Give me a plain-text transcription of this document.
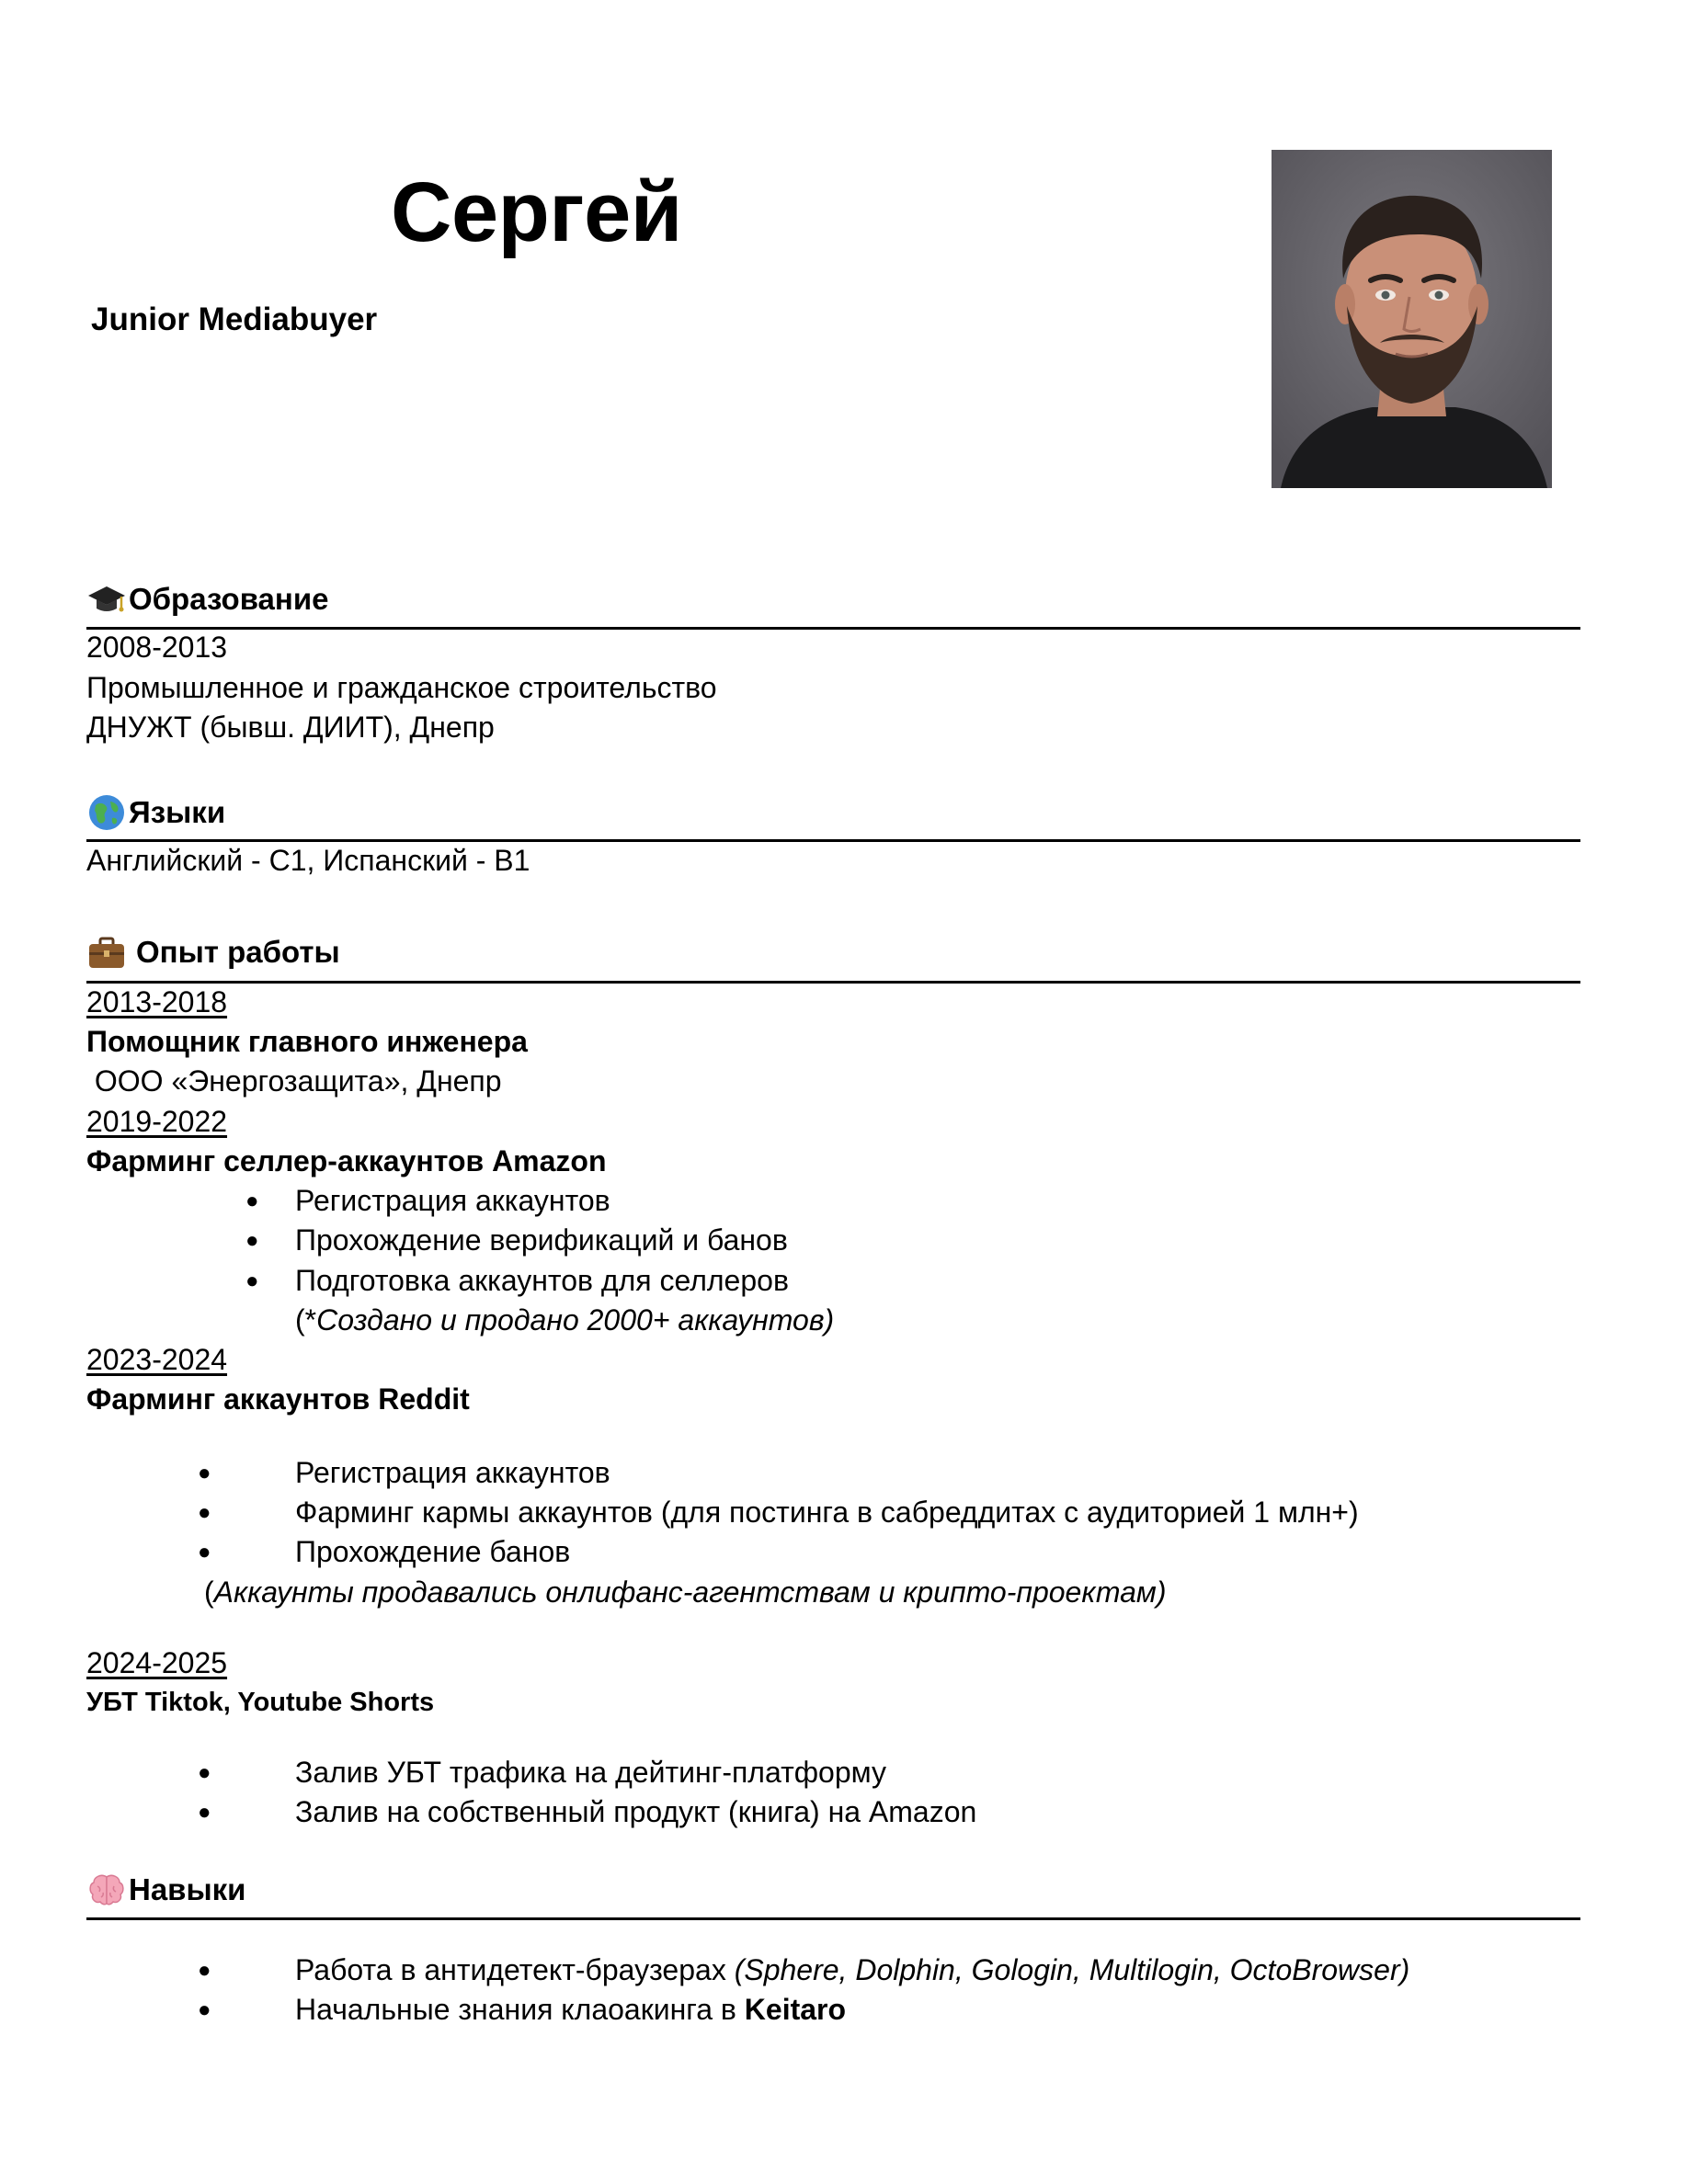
Сергей
Junior Mediabuyer
Образование
2008-2013
Промышленное и гражданское строительство
ДНУЖТ (бывш. ДИИТ), Днепр
Языки
Английский - С1, Испанский - В1
Опыт работы
2013-2018
Помощник главного инженера
ООО «Энергозащита», Днепр
2019-2022
Фарминг селлер-аккаунтов Amazon
● Регистрация аккаунтов
● Прохождение верификаций и банов
● Подготовка аккаунтов для селлеров
(*Создано и продано 2000+ аккаунтов)
2023-2024
Фарминг аккаунтов Reddit
●	Регистрация аккаунтов
●	Фарминг кармы аккаунтов (для постинга в сабреддитах с аудиторией 1 млн+)
●	Прохождение банов
(Аккаунты продавались онлифанс-агентствам и крипто-проектам)
2024-2025
УБТ Tiktok, Youtube Shorts
●	Залив УБТ трафика на дейтинг-платформу
●	Залив на собственный продукт (книга) на Amazon
Навыки
●	Работа в антидетект-браузерах (Sphere, Dolphin, Gologin, Multilogin, OctoBrowser)
●	Начальные знания клаоакинга в Keitaro
